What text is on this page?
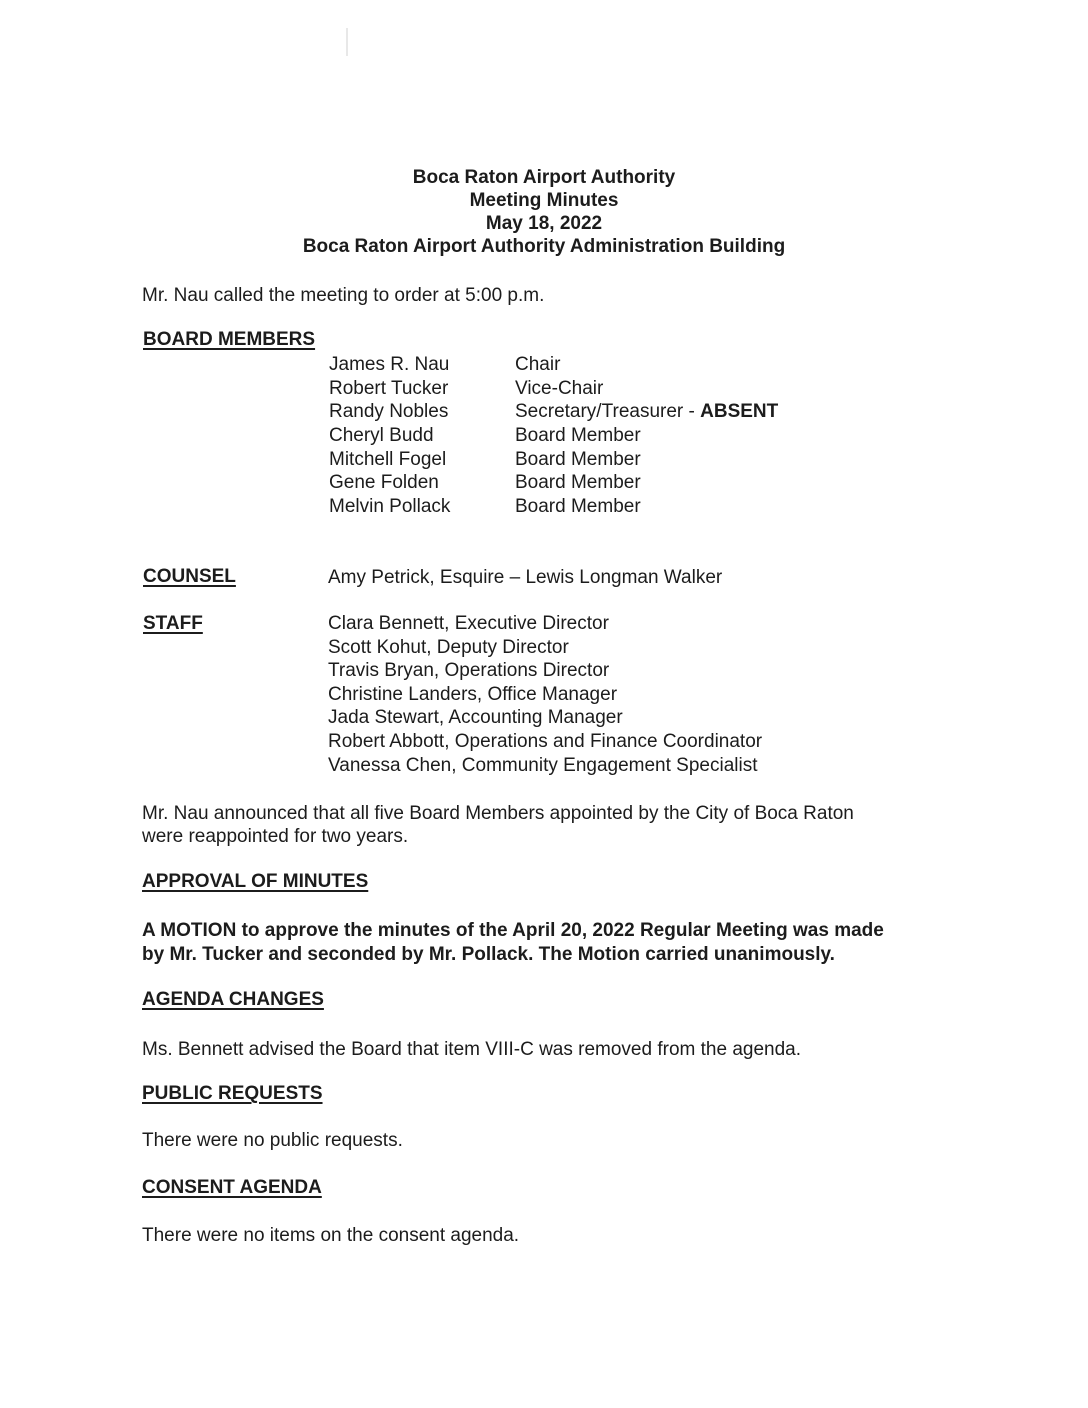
Boca Raton Airport Authority
Meeting Minutes
May 18, 2022
Boca Raton Airport Authority Administration Building
Mr. Nau called the meeting to order at 5:00 p.m.
BOARD MEMBERS
James R. Nau	Chair
Robert Tucker	Vice-Chair
Randy Nobles	Secretary/Treasurer - ABSENT
Cheryl Budd	Board Member
Mitchell Fogel	Board Member
Gene Folden	Board Member
Melvin Pollack	Board Member
COUNSEL	Amy Petrick, Esquire – Lewis Longman Walker
STAFF	Clara Bennett, Executive Director
Scott Kohut, Deputy Director
Travis Bryan, Operations Director
Christine Landers, Office Manager
Jada Stewart, Accounting Manager
Robert Abbott, Operations and Finance Coordinator
Vanessa Chen, Community Engagement Specialist
Mr. Nau announced that all five Board Members appointed by the City of Boca Raton
were reappointed for two years.
APPROVAL OF MINUTES
A MOTION to approve the minutes of the April 20, 2022 Regular Meeting was made
by Mr. Tucker and seconded by Mr. Pollack. The Motion carried unanimously.
AGENDA CHANGES
Ms. Bennett advised the Board that item VIII-C was removed from the agenda.
PUBLIC REQUESTS
There were no public requests.
CONSENT AGENDA
There were no items on the consent agenda.
